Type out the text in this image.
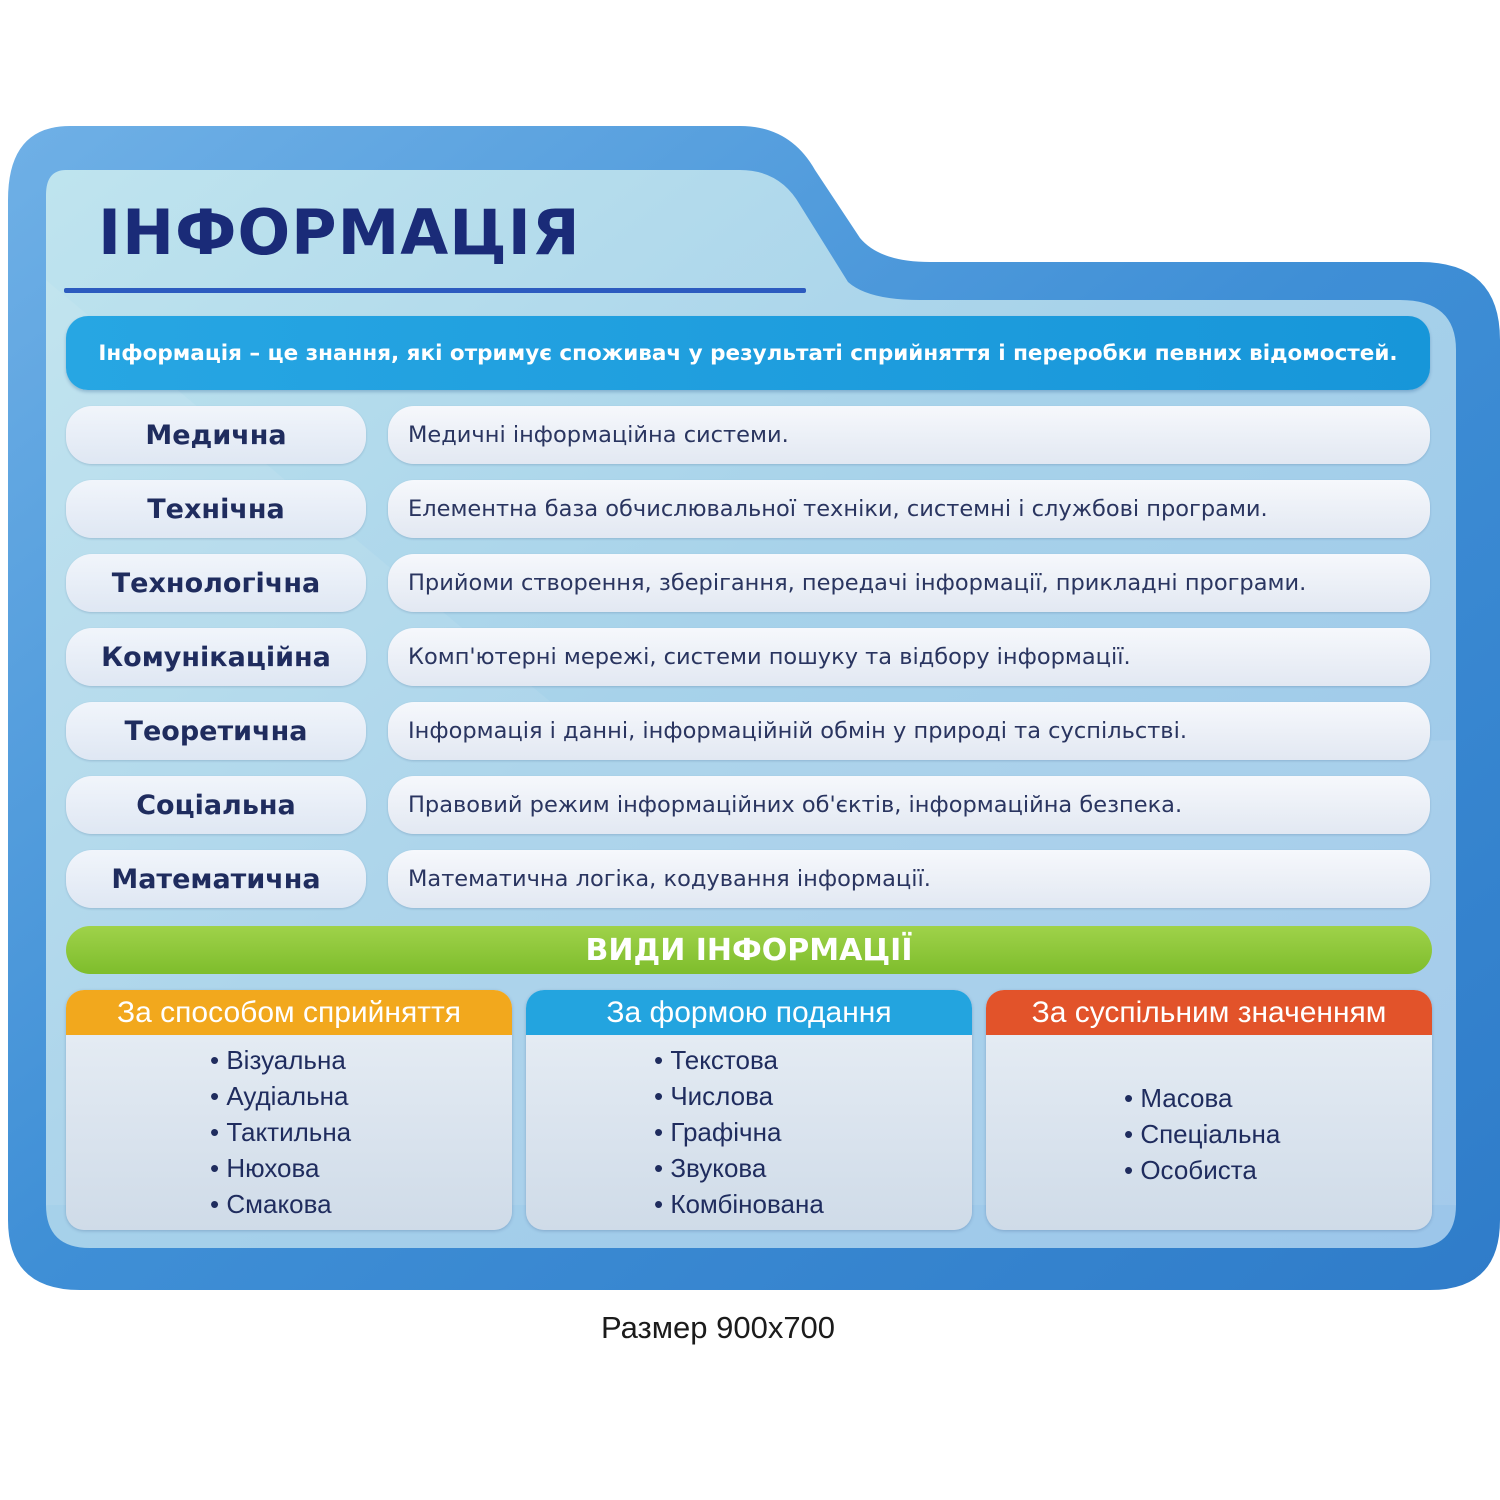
ІНФОРМАЦІЯ
Інформація – це знання, які отримує споживач у результаті сприйняття і переробки певних відомостей.
Медична	Медичні інформаційна системи.
Технічна	Елементна база обчислювальної техніки, системні і службові програми.
Технологічна	Прийоми створення, зберігання, передачі інформації, прикладні програми.
Комунікаційна	Комп'ютерні мережі, системи пошуку та відбору інформації.
Теоретична	Інформація і данні, інформаційній обмін у природі та суспільстві.
Соціальна	Правовий режим інформаційних об'єктів, інформаційна безпека.
Математична	Математична логіка, кодування інформації.
ВИДИ ІНФОРМАЦІЇ
За способом сприйняття
• Візуальна
• Аудіальна
• Тактильна
• Нюхова
• Смакова
За формою подання
• Текстова
• Числова
• Графічна
• Звукова
• Комбінована
За суспільним значенням
• Масова
• Спеціальна
• Особиста
Размер 900x700
